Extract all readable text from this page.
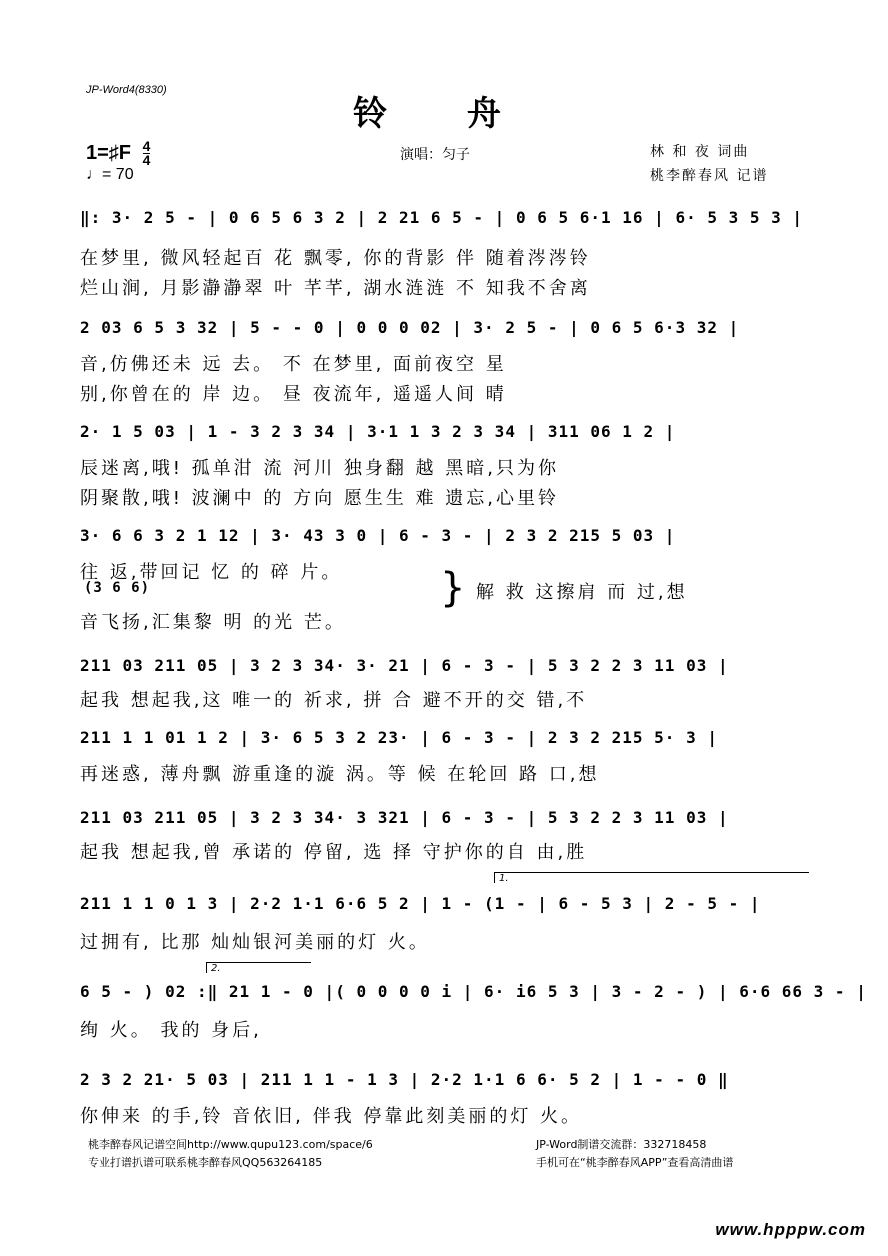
JP-Word4(8330)
铃 舟
1=♯F $\frac{4}{4}$
♩= 70
演唱：匀子	林 和 夜 词曲
桃李醉春风 记谱
‖: 3· 2 5 - | 0 6 5 6 3 2 | 2 21 6 5 - | 0 6 5 6·1 16 | 6· 5 3 5 3 |
在梦里, 微风轻起百 花 飘零, 你的背影 伴 随着涔涔铃
烂山涧, 月影瀞瀞翠 叶 芊芊, 湖水涟涟 不 知我不舍离
2 03 6 5 3 32 | 5 - - 0 | 0 0 0 02 | 3· 2 5 - | 0 6 5 6·3 32 |
音,仿佛还未 远 去。 不 在梦里, 面前夜空 星
别,你曾在的 岸 边。 昼 夜流年, 遥遥人间 晴
2· 1 5 03 | 1 - 3 2 3 34 | 3·1 1 3 2 3 34 | 311 06 1 2 |
辰迷离,哦! 孤单泔 流 河川 独身翻 越 黑暗,只为你
阴聚散,哦! 波澜中 的 方向 愿生生 难 遗忘,心里铃
3· 6 6 3 2 1 12 | 3· 43 3 0 | 6 - 3 - | 2 3 2 215 5 03 |
往 返,带回记 忆 的 碎 片。
(3 6 6)
音飞扬,汇集黎 明 的光 芒。
} 解 救 这擦肩 而 过,想
211 03 211 05 | 3 2 3 34· 3· 21 | 6 - 3 - | 5 3 2 2 3 11 03 |
起我 想起我,这 唯一的 祈求, 拼 合 避不开的交 错,不
211 1 1 01 1 2 | 3· 6 5 3 2 23· | 6 - 3 - | 2 3 2 215 5· 3 |
再迷惑, 薄舟飘 游重逢的漩 涡。等 候 在轮回 路 口,想
211 03 211 05 | 3 2 3 34· 3 321 | 6 - 3 - | 5 3 2 2 3 11 03 |
起我 想起我,曾 承诺的 停留, 选 择 守护你的自 由,胜
1.
211 1 1 0 1 3 | 2·2 1·1 6·6 5 2 | 1 - (1 - | 6 - 5 3 | 2 - 5 - |
过拥有, 比那 灿灿银河美丽的灯 火。
2.
6 5 - ) 02 :‖ 21 1 - 0 |( 0 0 0 0 i | 6· i6 5 3 | 3 - 2 - ) | 6·6 66 3 - |
绚 火。 我的 身后,
2 3 2 21· 5 03 | 211 1 1 - 1 3 | 2·2 1·1 6 6· 5 2 | 1 - - 0 ‖
你伸来 的手,铃 音依旧, 伴我 停靠此刻美丽的灯 火。
桃李醉春风记谱空间http://www.qupu123.com/space/6
专业打谱扒谱可联系桃李醉春风QQ563264185
JP-Word制谱交流群：332718458
手机可在“桃李醉春风APP”查看高清曲谱
www.hpppw.com
